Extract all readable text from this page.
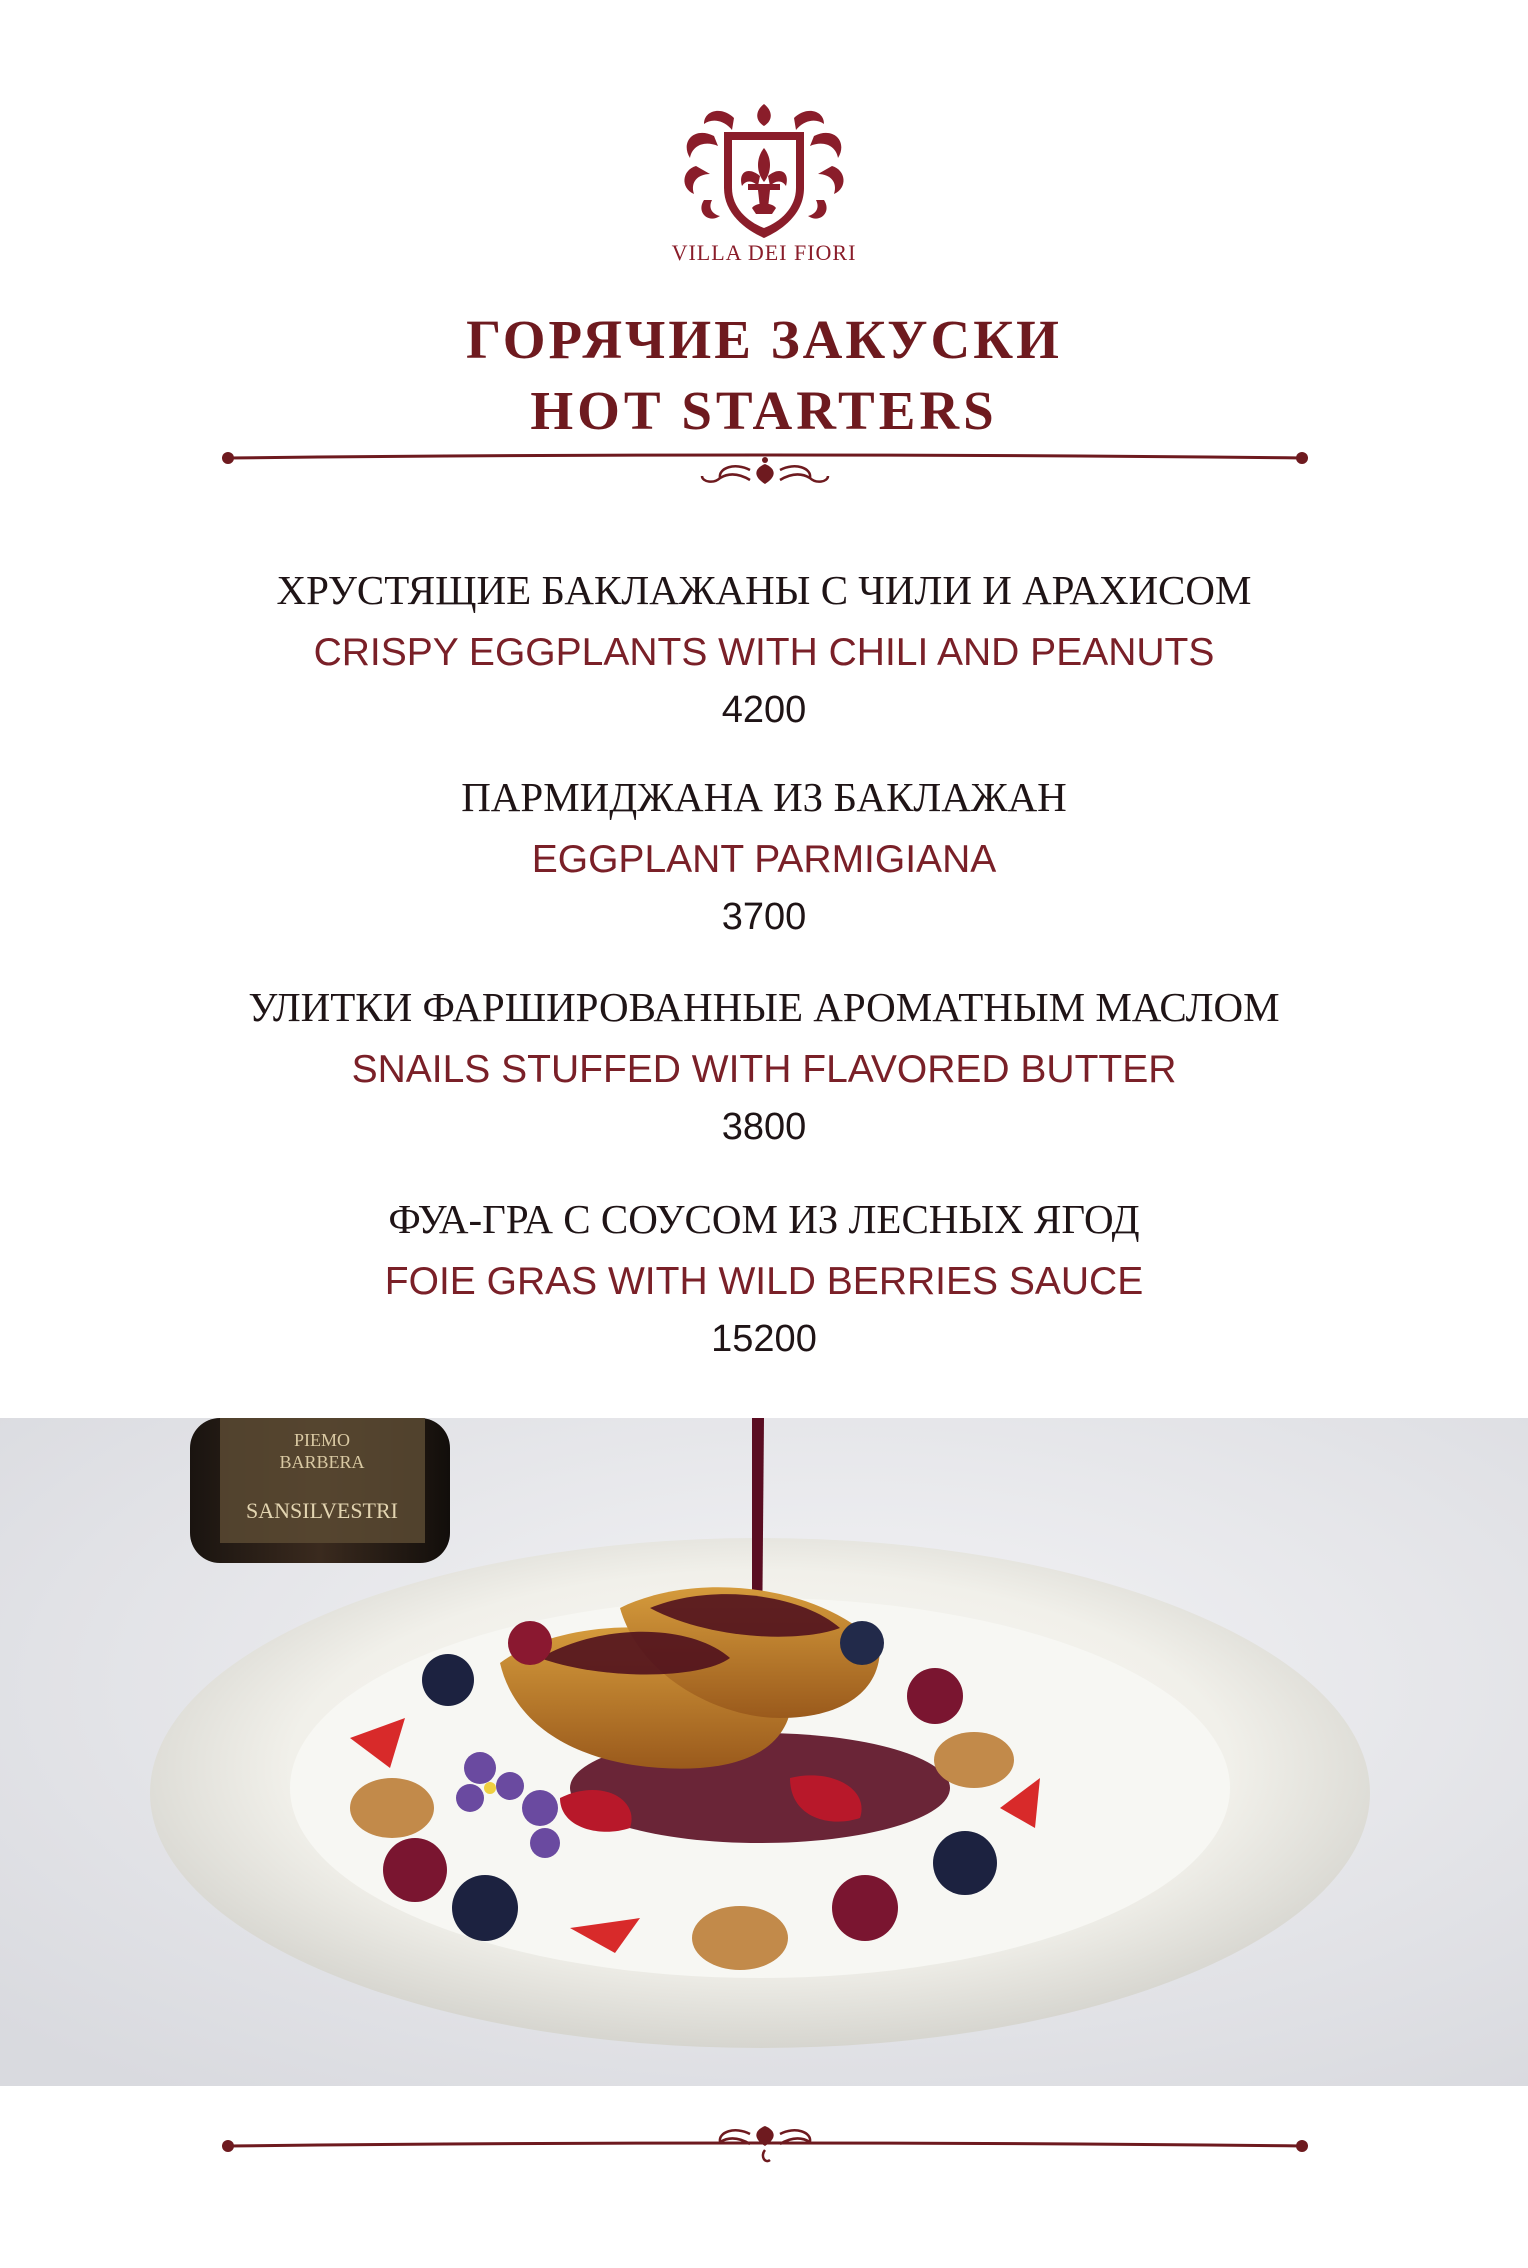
VILLA DEI FIORI
ГОРЯЧИЕ ЗАКУСКИ
HOT STARTERS
ХРУСТЯЩИЕ БАКЛАЖАНЫ С ЧИЛИ И АРАХИСОМ
CRISPY EGGPLANTS WITH CHILI AND PEANUTS
4200
ПАРМИДЖАНА ИЗ БАКЛАЖАН
EGGPLANT PARMIGIANA
3700
УЛИТКИ ФАРШИРОВАННЫЕ АРОМАТНЫМ МАСЛОМ
SNAILS STUFFED WITH FLAVORED BUTTER
3800
ФУА-ГРА С СОУСОМ ИЗ ЛЕСНЫХ ЯГОД
FOIE GRAS WITH WILD BERRIES SAUCE
15200
PIEMO
BARBERA
SANSILVESTRI
